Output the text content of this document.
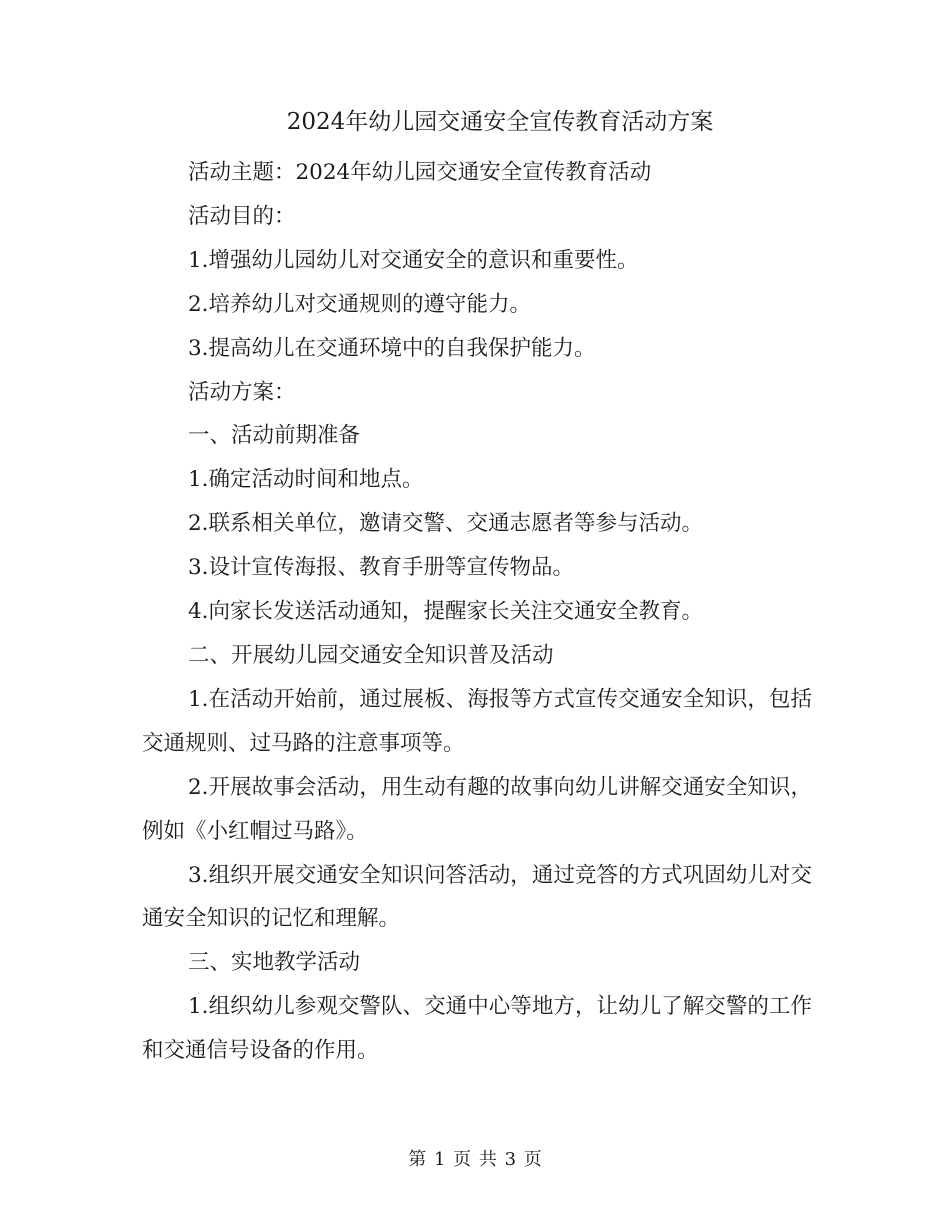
2024年幼儿园交通安全宣传教育活动方案

活动主题：2024年幼儿园交通安全宣传教育活动

活动目的：

1.增强幼儿园幼儿对交通安全的意识和重要性。

2.培养幼儿对交通规则的遵守能力。

3.提高幼儿在交通环境中的自我保护能力。

活动方案：

一、活动前期准备

1.确定活动时间和地点。

2.联系相关单位，邀请交警、交通志愿者等参与活动。

3.设计宣传海报、教育手册等宣传物品。

4.向家长发送活动通知，提醒家长关注交通安全教育。

二、开展幼儿园交通安全知识普及活动

1.在活动开始前，通过展板、海报等方式宣传交通安全知识，包括交通规则、过马路的注意事项等。

2.开展故事会活动，用生动有趣的故事向幼儿讲解交通安全知识，例如《小红帽过马路》。

3.组织开展交通安全知识问答活动，通过竞答的方式巩固幼儿对交通安全知识的记忆和理解。

三、实地教学活动

1.组织幼儿参观交警队、交通中心等地方，让幼儿了解交警的工作和交通信号设备的作用。

第 1 页 共 3 页
